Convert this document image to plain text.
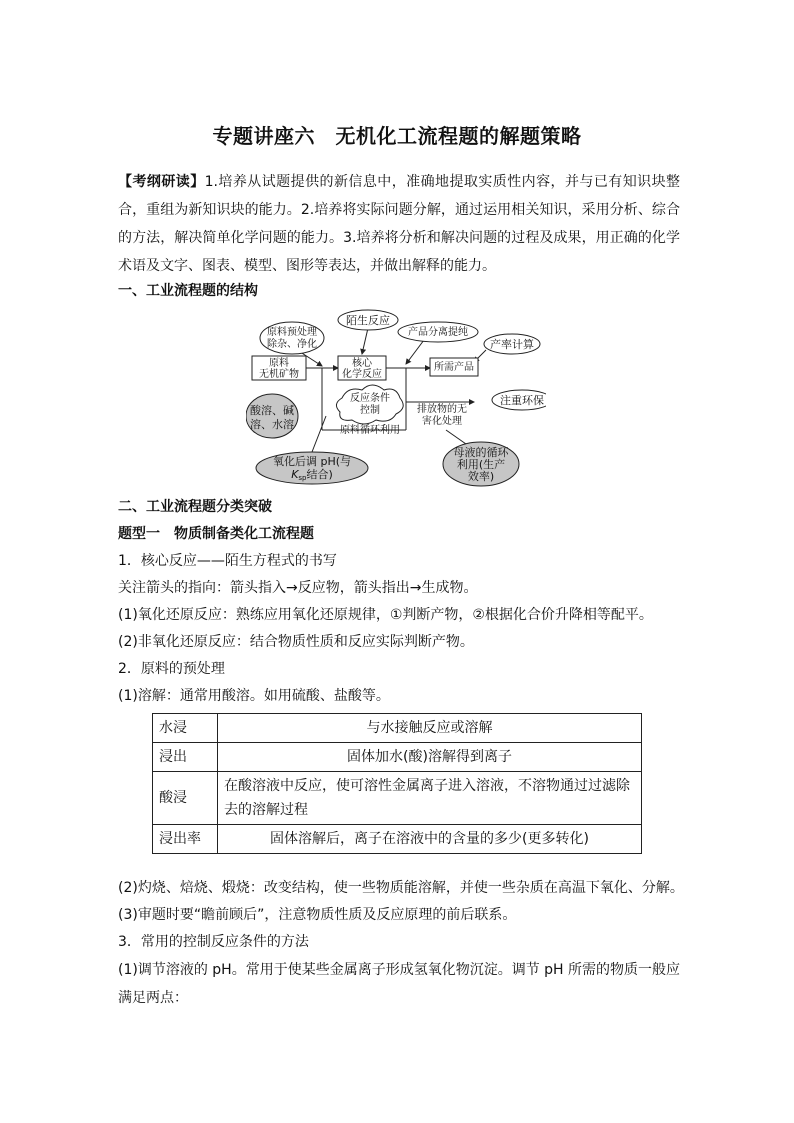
专题讲座六　无机化工流程题的解题策略
【考纲研读】1.培养从试题提供的新信息中，准确地提取实质性内容，并与已有知识块整合，重组为新知识块的能力。2.培养将实际问题分解，通过运用相关知识，采用分析、综合的方法，解决简单化学问题的能力。3.培养将分析和解决问题的过程及成果，用正确的化学术语及文字、图表、模型、图形等表达，并做出解释的能力。
一、工业流程题的结构
原料预处理
除杂、净化
原料
无机矿物
酸溶、碱
溶、水溶
陌生反应
核心
化学反应
反应条件
控制
产品分离提纯
所需产品
产率计算
注重环保
排放物的无
害化处理
原料循环利用
氧化后调 pH(与
母液的循环
利用(生产
效率)
Ksp结合)
二、工业流程题分类突破
题型一　物质制备类化工流程题
1．核心反应——陌生方程式的书写
关注箭头的指向：箭头指入→反应物，箭头指出→生成物。
(1)氧化还原反应：熟练应用氧化还原规律，①判断产物，②根据化合价升降相等配平。
(2)非氧化还原反应：结合物质性质和反应实际判断产物。
2．原料的预处理
(1)溶解：通常用酸溶。如用硫酸、盐酸等。
水浸	与水接触反应或溶解
浸出	固体加水(酸)溶解得到离子
酸浸	在酸溶液中反应，使可溶性金属离子进入溶液，不溶物通过过滤除去的溶解过程
浸出率	固体溶解后，离子在溶液中的含量的多少(更多转化)
(2)灼烧、焙烧、煅烧：改变结构，使一些物质能溶解，并使一些杂质在高温下氧化、分解。
(3)审题时要“瞻前顾后”，注意物质性质及反应原理的前后联系。
3．常用的控制反应条件的方法
(1)调节溶液的 pH。常用于使某些金属离子形成氢氧化物沉淀。调节 pH 所需的物质一般应满足两点：
